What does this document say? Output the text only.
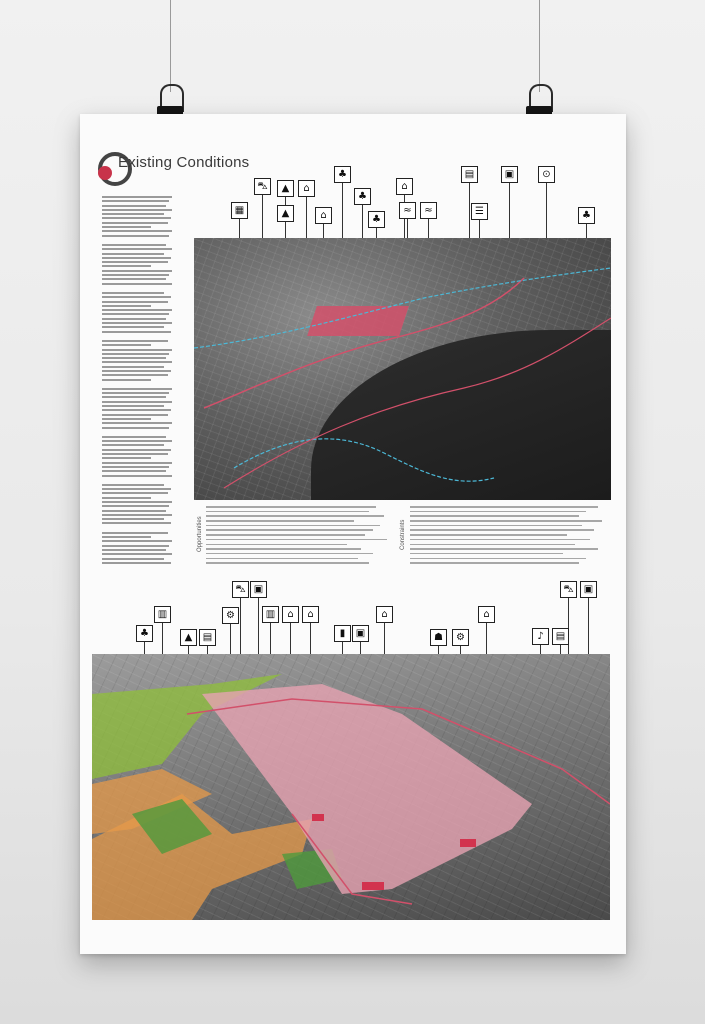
Existing Conditions
▦
⛍	▲	⌂
▲	⌂
♣
♣
⌂
♣
≈	≈
▤
☰
▣	⊙
♣
Opportunities	Constraints
♣
▥
▲	▤
⚙
⛍ ▣
▥	⌂	⌂
▮	▣
⌂
☗	⚙
⌂
⛍	▣
♪	▤
